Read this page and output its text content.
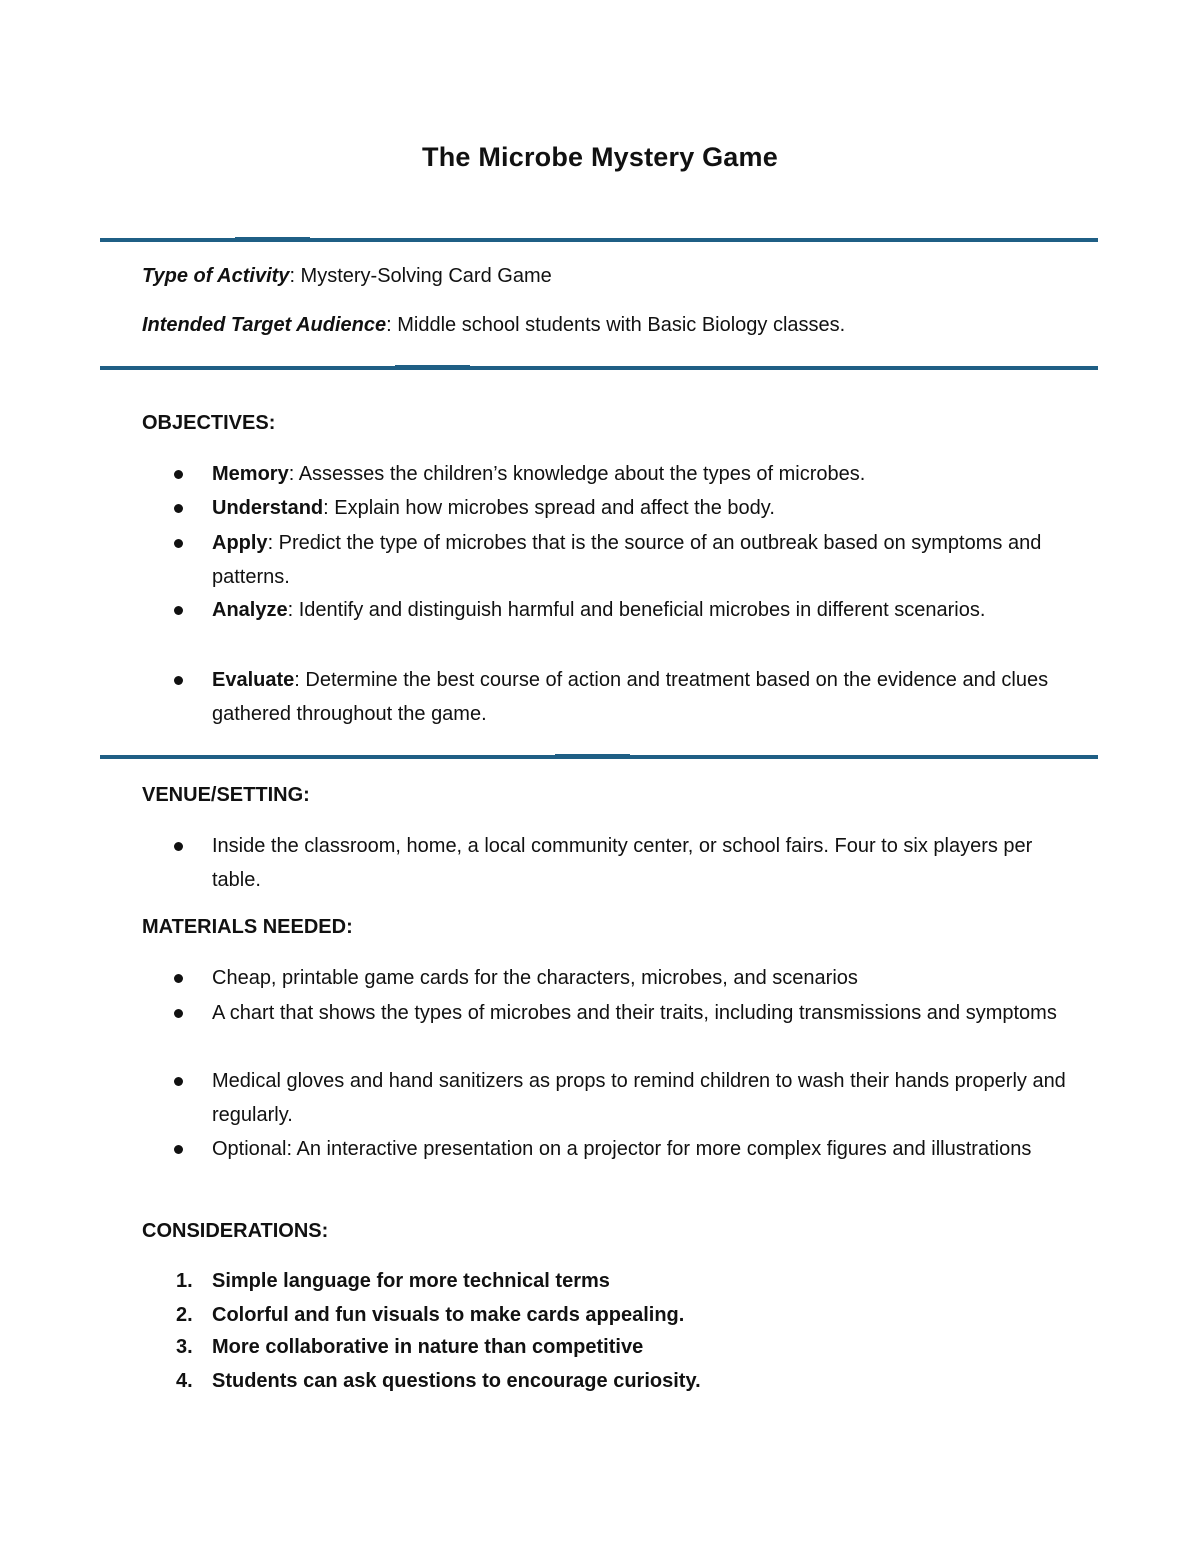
The Microbe Mystery Game
Type of Activity: Mystery-Solving Card Game
Intended Target Audience: Middle school students with Basic Biology classes.
OBJECTIVES:
Memory: Assesses the children’s knowledge about the types of microbes.
Understand: Explain how microbes spread and affect the body.
Apply: Predict the type of microbes that is the source of an outbreak based on symptoms and patterns.
Analyze: Identify and distinguish harmful and beneficial microbes in different scenarios.
Evaluate: Determine the best course of action and treatment based on the evidence and clues gathered throughout the game.
VENUE/SETTING:
Inside the classroom, home, a local community center, or school fairs. Four to six players per table.
MATERIALS NEEDED:
Cheap, printable game cards for the characters, microbes, and scenarios
A chart that shows the types of microbes and their traits, including transmissions and symptoms
Medical gloves and hand sanitizers as props to remind children to wash their hands properly and regularly.
Optional: An interactive presentation on a projector for more complex figures and illustrations
CONSIDERATIONS:
1. Simple language for more technical terms
2. Colorful and fun visuals to make cards appealing.
3. More collaborative in nature than competitive
4. Students can ask questions to encourage curiosity.
